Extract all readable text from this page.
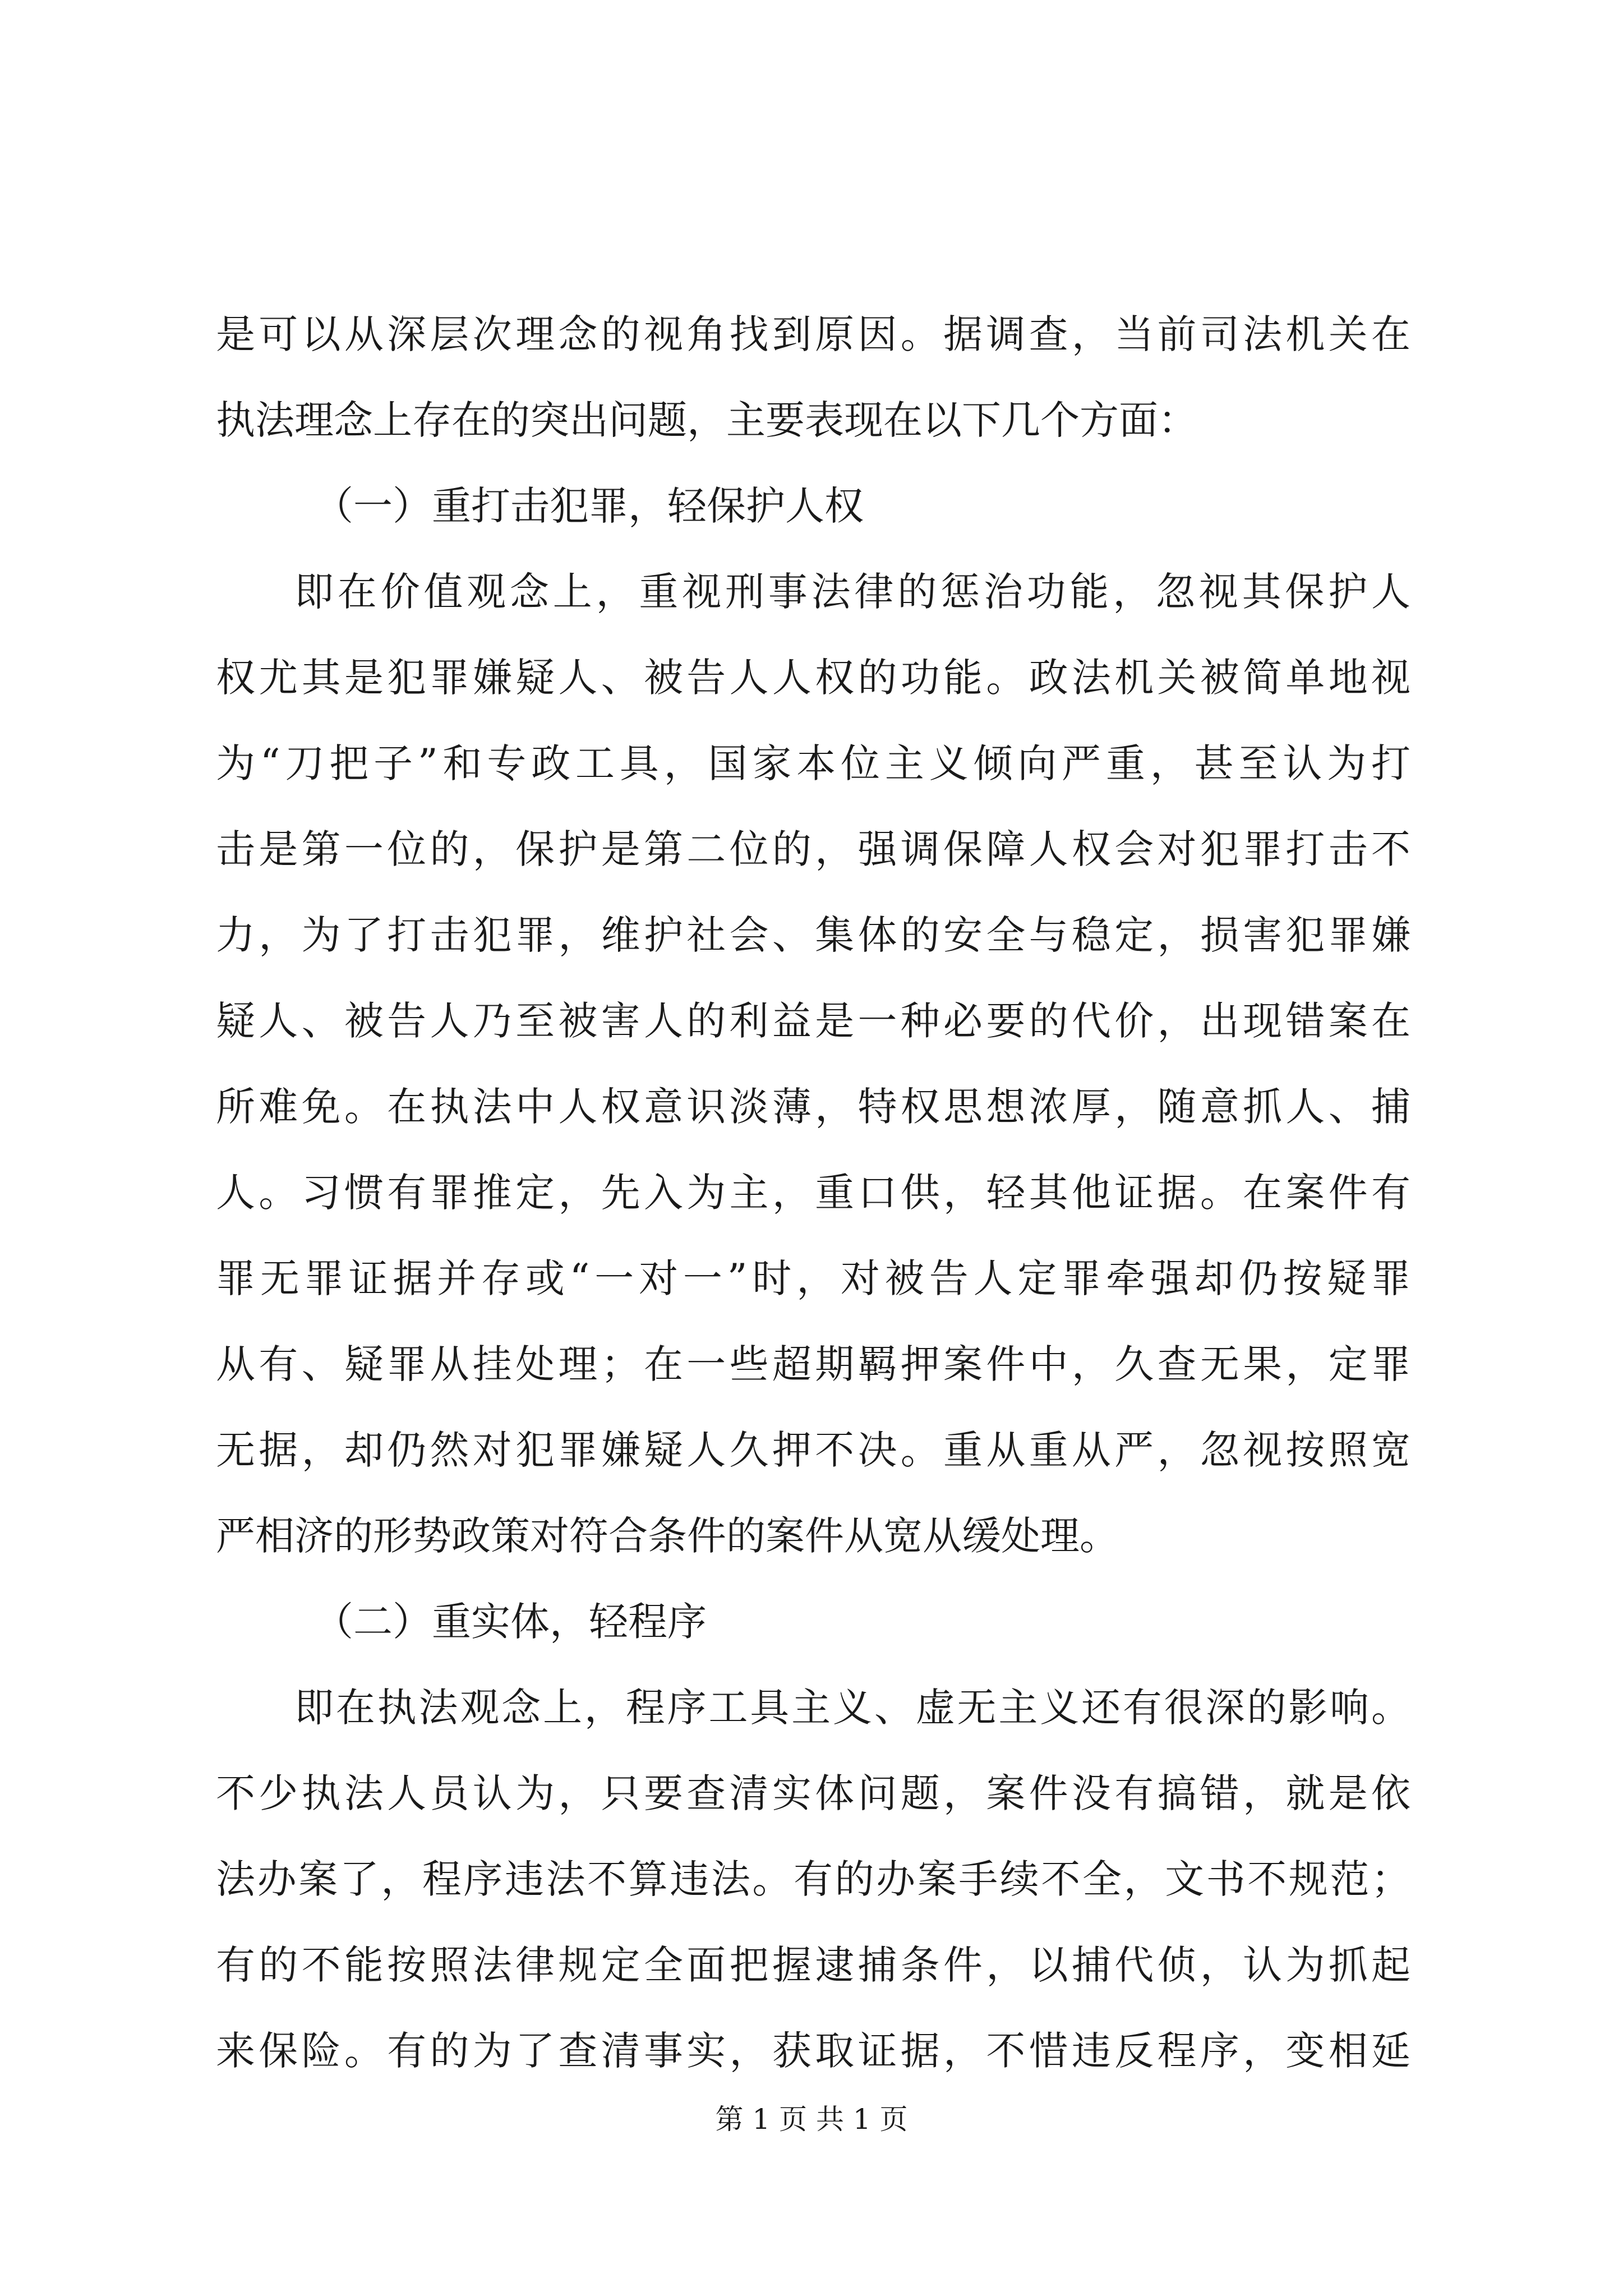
是可以从深层次理念的视角找到原因。据调查，当前司法机关在
执法理念上存在的突出问题，主要表现在以下几个方面：
（一）重打击犯罪，轻保护人权
即在价值观念上，重视刑事法律的惩治功能，忽视其保护人
权尤其是犯罪嫌疑人、被告人人权的功能。政法机关被简单地视
为“刀把子”和专政工具，国家本位主义倾向严重，甚至认为打
击是第一位的，保护是第二位的，强调保障人权会对犯罪打击不
力，为了打击犯罪，维护社会、集体的安全与稳定，损害犯罪嫌
疑人、被告人乃至被害人的利益是一种必要的代价，出现错案在
所难免。在执法中人权意识淡薄，特权思想浓厚，随意抓人、捕
人。习惯有罪推定，先入为主，重口供，轻其他证据。在案件有
罪无罪证据并存或“一对一”时，对被告人定罪牵强却仍按疑罪
从有、疑罪从挂处理；在一些超期羁押案件中，久查无果，定罪
无据，却仍然对犯罪嫌疑人久押不决。重从重从严，忽视按照宽
严相济的形势政策对符合条件的案件从宽从缓处理。
（二）重实体，轻程序
即在执法观念上，程序工具主义、虚无主义还有很深的影响。
不少执法人员认为，只要查清实体问题，案件没有搞错，就是依
法办案了，程序违法不算违法。有的办案手续不全，文书不规范；
有的不能按照法律规定全面把握逮捕条件，以捕代侦，认为抓起
来保险。有的为了查清事实，获取证据，不惜违反程序，变相延
第 1 页 共 1 页
